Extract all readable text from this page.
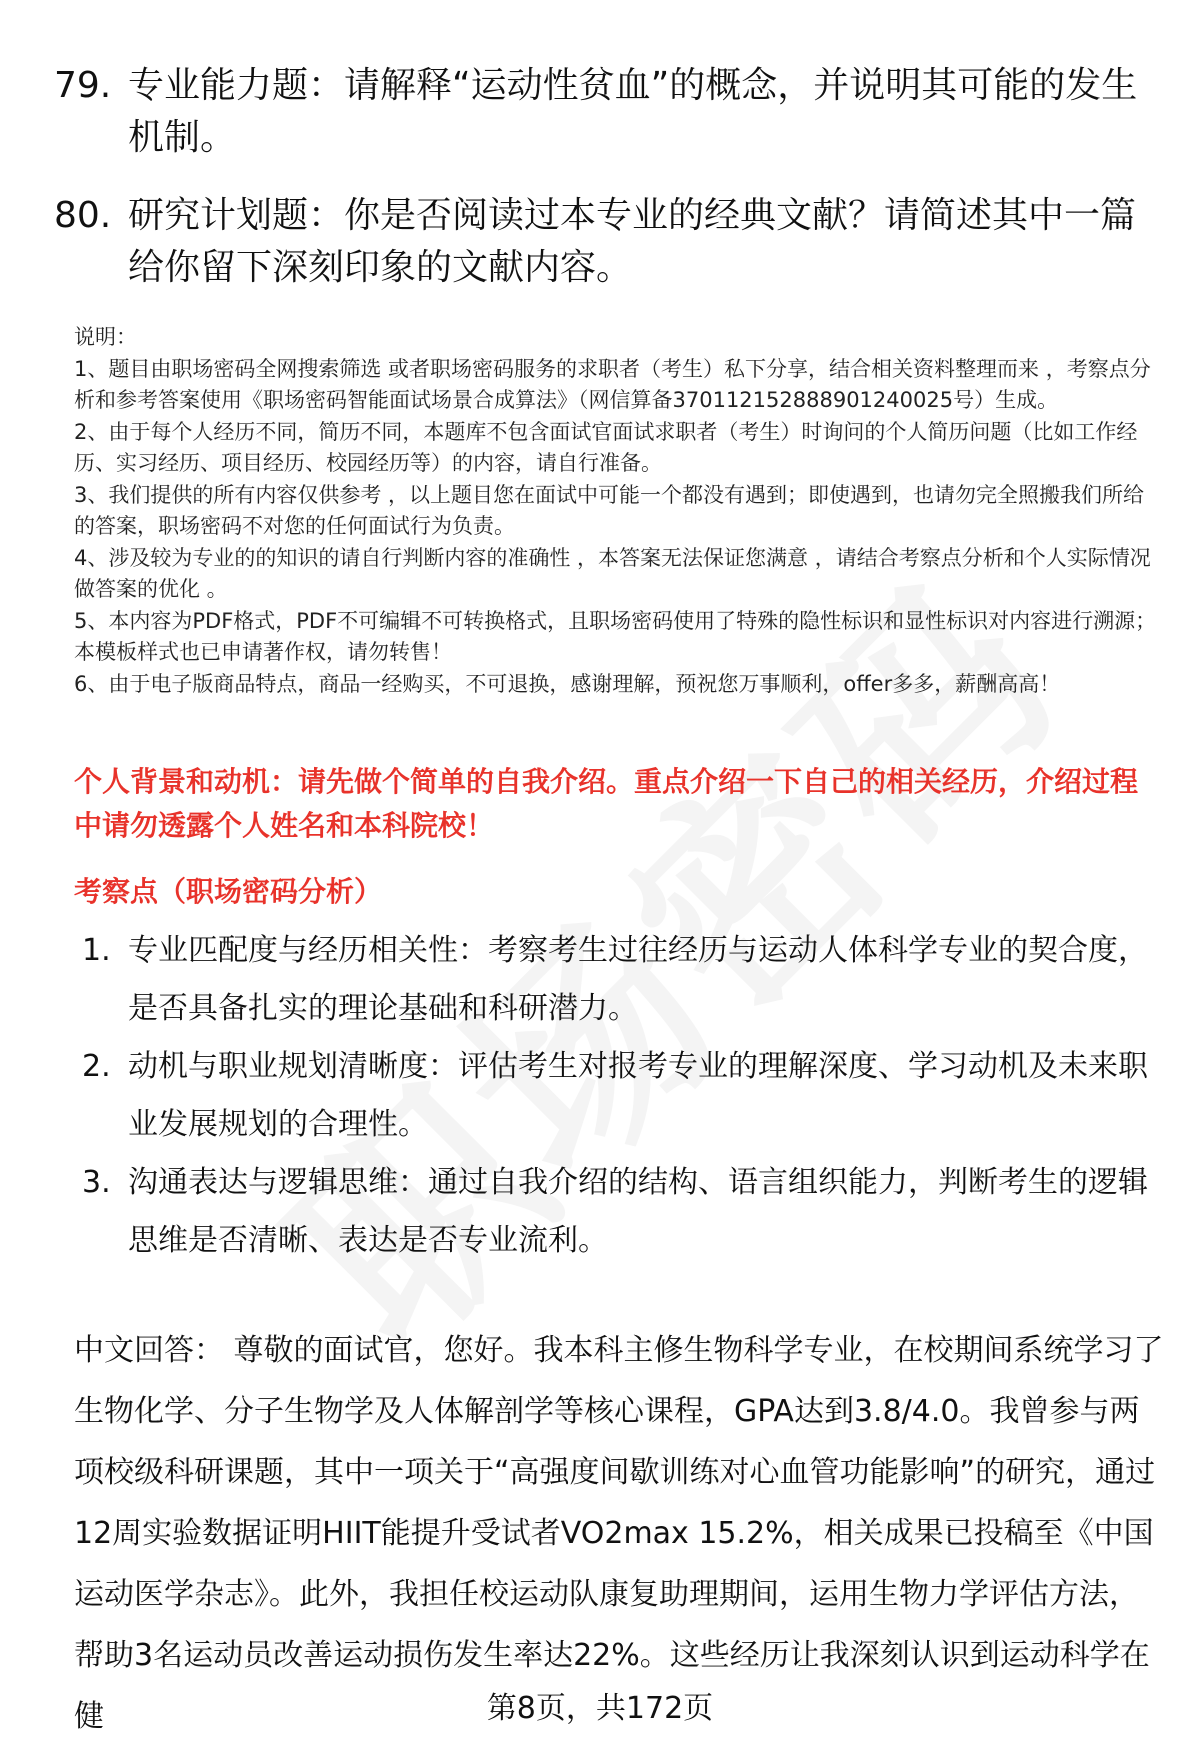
79. 专业能力题：请解释“运动性贫血”的概念，并说明其可能的发生机制。
80. 研究计划题：你是否阅读过本专业的经典文献？请简述其中一篇给你留下深刻印象的文献内容。

说明：

1、题目由职场密码全网搜索筛选 或者职场密码服务的求职者（考生）私下分享，结合相关资料整理而来 ，考察点分析和参考答案使用《职场密码智能面试场景合成算法》（网信算备370112152888901240025号）生成。

2、由于每个人经历不同，简历不同，本题库不包含面试官面试求职者（考生）时询问的个人简历问题（比如工作经历、实习经历、项目经历、校园经历等）的内容，请自行准备。

3、我们提供的所有内容仅供参考 ，以上题目您在面试中可能一个都没有遇到；即使遇到，也请勿完全照搬我们所给的答案，职场密码不对您的任何面试行为负责。

4、涉及较为专业的的知识的请自行判断内容的准确性 ，本答案无法保证您满意 ，请结合考察点分析和个人实际情况做答案的优化 。

5、本内容为PDF格式，PDF不可编辑不可转换格式，且职场密码使用了特殊的隐性标识和显性标识对内容进行溯源；本模板样式也已申请著作权，请勿转售！

6、由于电子版商品特点，商品一经购买，不可退换，感谢理解，预祝您万事顺利，offer多多，薪酬高高！

个人背景和动机：请先做个简单的自我介绍。重点介绍一下自己的相关经历，介绍过程中请勿透露个人姓名和本科院校！
考察点（职场密码分析）
1. 专业匹配度与经历相关性：考察考生过往经历与运动人体科学专业的契合度，是否具备扎实的理论基础和科研潜力。
2. 动机与职业规划清晰度：评估考生对报考专业的理解深度、学习动机及未来职业发展规划的合理性。
3. 沟通表达与逻辑思维：通过自我介绍的结构、语言组织能力，判断考生的逻辑思维是否清晰、表达是否专业流利。
中文回答： 尊敬的面试官，您好。我本科主修生物科学专业，在校期间系统学习了生物化学、分子生物学及人体解剖学等核心课程，GPA达到3.8/4.0。我曾参与两项校级科研课题，其中一项关于“高强度间歇训练对心血管功能影响”的研究，通过12周实验数据证明HIIT能提升受试者VO2max 15.2%，相关成果已投稿至《中国运动医学杂志》。此外，我担任校运动队康复助理期间，运用生物力学评估方法，帮助3名运动员改善运动损伤发生率达22%。这些经历让我深刻认识到运动科学在健	第8页，共172页
